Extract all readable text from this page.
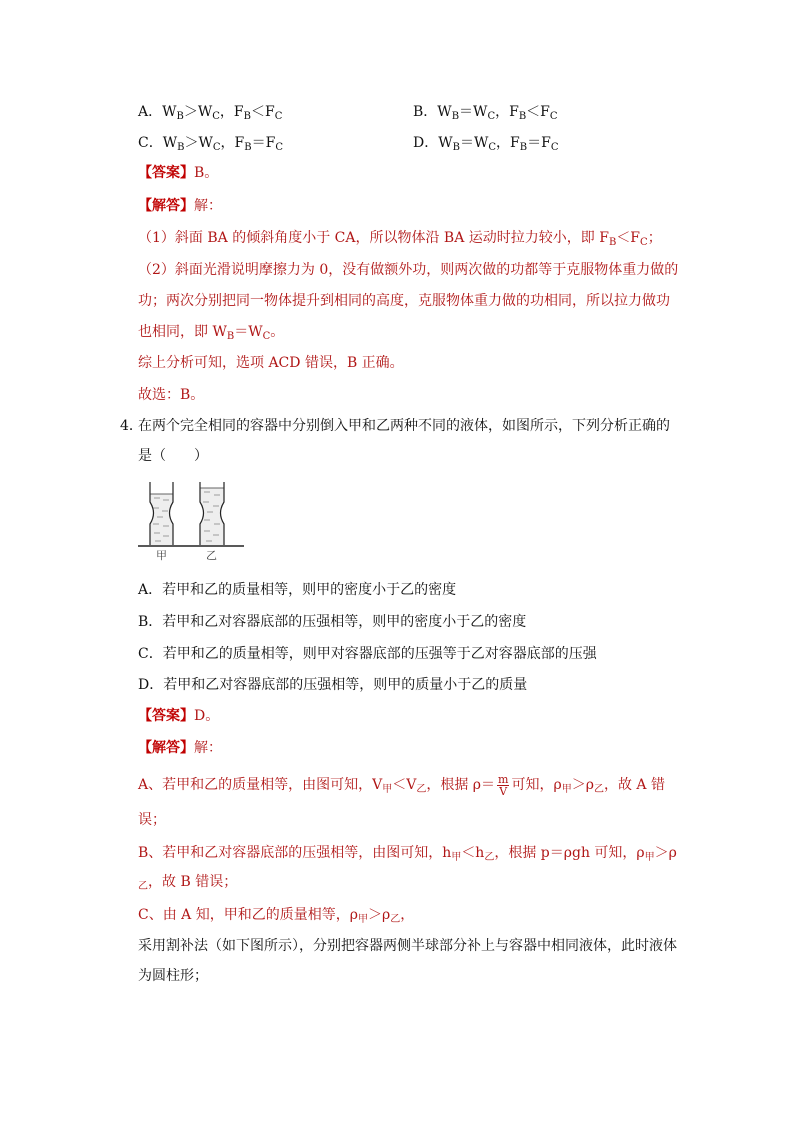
A．$W_B>W_C$，$F_B<F_C$	B．$W_B=W_C$，$F_B<F_C$
C．$W_B>W_C$，$F_B=F_C$	D．$W_B=W_C$，$F_B=F_C$
【答案】B。
【解答】解：
（1）斜面 BA 的倾斜角度小于 CA，所以物体沿 BA 运动时拉力较小，即 $F_B<F_C$；
（2）斜面光滑说明摩擦力为 0，没有做额外功，则两次做的功都等于克服物体重力做的
功；两次分别把同一物体提升到相同的高度，克服物体重力做的功相同，所以拉力做功
也相同，即 $W_B=W_C$。
综上分析可知，选项 ACD 错误，B 正确。
故选：B。
4．
在两个完全相同的容器中分别倒入甲和乙两种不同的液体，如图所示，下列分析正确的
是（　　）
甲	乙
A．若甲和乙的质量相等，则甲的密度小于乙的密度
B．若甲和乙对容器底部的压强相等，则甲的密度小于乙的密度
C．若甲和乙的质量相等，则甲对容器底部的压强等于乙对容器底部的压强
D．若甲和乙对容器底部的压强相等，则甲的质量小于乙的质量
【答案】D。
【解答】解：
A、若甲和乙的质量相等，由图可知，$V_甲<V_乙$，根据 $\rho= \frac{m}{V}$ 可知，$\rho_甲>\rho_乙$，故 A 错
误；
B、若甲和乙对容器底部的压强相等，由图可知，$h_甲<h_乙$，根据 p＝ρgh 可知，$\rho_甲>\rho$
$_乙$，故 B 错误；
C、由 A 知，甲和乙的质量相等，$\rho_甲>\rho_乙$，
采用割补法（如下图所示），分别把容器两侧半球部分补上与容器中相同液体，此时液体
为圆柱形；
